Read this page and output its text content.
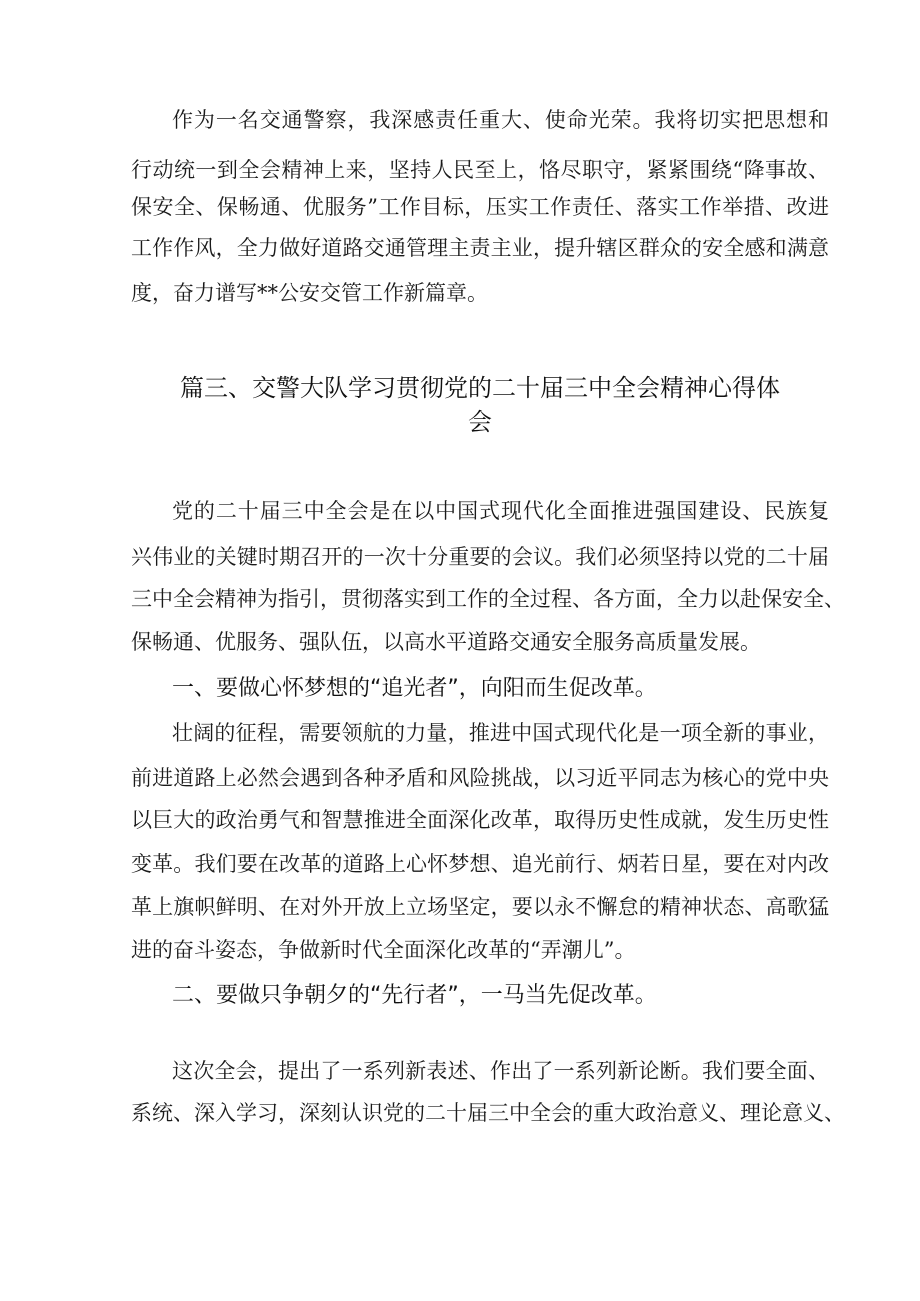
作为一名交通警察，我深感责任重大、使命光荣。我将切实把思想和
行动统一到全会精神上来，坚持人民至上，恪尽职守，紧紧围绕“降事故、
保安全、保畅通、优服务”工作目标，压实工作责任、落实工作举措、改进
工作作风，全力做好道路交通管理主责主业，提升辖区群众的安全感和满意
度，奋力谱写**公安交管工作新篇章。
篇三、交警大队学习贯彻党的二十届三中全会精神心得体
会
党的二十届三中全会是在以中国式现代化全面推进强国建设、民族复
兴伟业的关键时期召开的一次十分重要的会议。我们必须坚持以党的二十届
三中全会精神为指引，贯彻落实到工作的全过程、各方面，全力以赴保安全、
保畅通、优服务、强队伍，以高水平道路交通安全服务高质量发展。
一、要做心怀梦想的“追光者”，向阳而生促改革。
壮阔的征程，需要领航的力量，推进中国式现代化是一项全新的事业，
前进道路上必然会遇到各种矛盾和风险挑战，以习近平同志为核心的党中央
以巨大的政治勇气和智慧推进全面深化改革，取得历史性成就，发生历史性
变革。我们要在改革的道路上心怀梦想、追光前行、炳若日星，要在对内改
革上旗帜鲜明、在对外开放上立场坚定，要以永不懈怠的精神状态、高歌猛
进的奋斗姿态，争做新时代全面深化改革的“弄潮儿”。
二、要做只争朝夕的“先行者”，一马当先促改革。
这次全会，提出了一系列新表述、作出了一系列新论断。我们要全面、
系统、深入学习，深刻认识党的二十届三中全会的重大政治意义、理论意义、
